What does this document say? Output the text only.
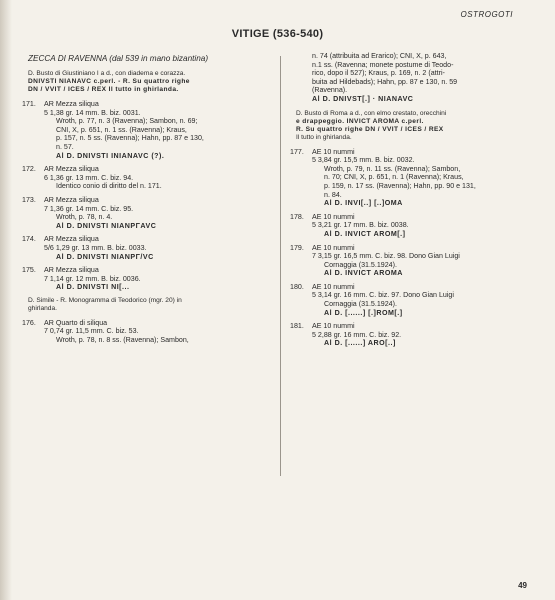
OSTROGOTI
VITIGE (536-540)
ZECCA DI RAVENNA (dal 539 in mano bizantina)
D. Busto di Giustiniano I a d., con diadema e corazza.
DNIVSTI NIANAVC c.perl. - R. Su quattro righe
DN / VVIT / ICES / REX Il tutto in ghirlanda.
171.	AR Mezza siliqua
5 1,38 gr. 14 mm. B. biz. 0031.
Wroth, p. 77, n. 3 (Ravenna); Sambon, n. 69;
CNI, X, p. 651, n. 1 ss. (Ravenna); Kraus,
p. 157, n. 5 ss. (Ravenna); Hahn, pp. 87 e 130,
n. 57.
Al D. DNIVSTI INIANAVC (?).
172.	AR Mezza siliqua
6 1,36 gr. 13 mm. C. biz. 94.
Identico conio di diritto del n. 171.
173.	AR Mezza siliqua
7 1,36 gr. 14 mm. C. biz. 95.
Wroth, p. 78, n. 4.
Al D. DNIVSTI NIANPΓAVC
174.	AR Mezza siliqua
5/6 1,29 gr. 13 mm. B. biz. 0033.
Al D. DNIVSTI NIANPΓ/VC
175.	AR Mezza siliqua
7 1,14 gr. 12 mm. B. biz. 0036.
Al D. DNIVSTI NI[...
D. Simile - R. Monogramma di Teodorico (mgr. 20) in
ghirlanda.
176.	AR Quarto di siliqua
7 0,74 gr. 11,5 mm. C. biz. 53.
Wroth, p. 78, n. 8 ss. (Ravenna); Sambon,
n. 74 (attribuita ad Erarico); CNI, X, p. 643,
n.1 ss. (Ravenna; monete postume di Teodo-
rico, dopo il 527); Kraus, p. 169, n. 2 (attri-
buita ad Hildebads); Hahn, pp. 87 e 130, n. 59
(Ravenna).
Al D. DNIVST[.] · NIANAVC
D. Busto di Roma a d., con elmo crestato, orecchini
e drappeggio. INVICT AROMA c.perl.
R. Su quattro righe DN / VVIT / ICES / REX
Il tutto in ghirlanda.
177.	AE 10 nummi
5 3,84 gr. 15,5 mm. B. biz. 0032.
Wroth, p. 79, n. 11 ss. (Ravenna); Sambon,
n. 70; CNI, X, p. 651, n. 1 (Ravenna); Kraus,
p. 159, n. 17 ss. (Ravenna); Hahn, pp. 90 e 131,
n. 84.
Al D. INVI[..] [..]OMA
178.	AE 10 nummi
5 3,21 gr. 17 mm. B. biz. 0038.
Al D. INVICT AROM[.]
179.	AE 10 nummi
7 3,15 gr. 16,5 mm. C. biz. 98. Dono Gian Luigi
Cornaggia (31.5.1924).
Al D. INVICT AROMA
180.	AE 10 nummi
5 3,14 gr. 16 mm. C. biz. 97. Dono Gian Luigi
Cornaggia (31.5.1924).
Al D. [......] [.]ROM[.]
181.	AE 10 nummi
5 2,88 gr. 16 mm. C. biz. 92.
Al D. [......] ARO[..]
49
